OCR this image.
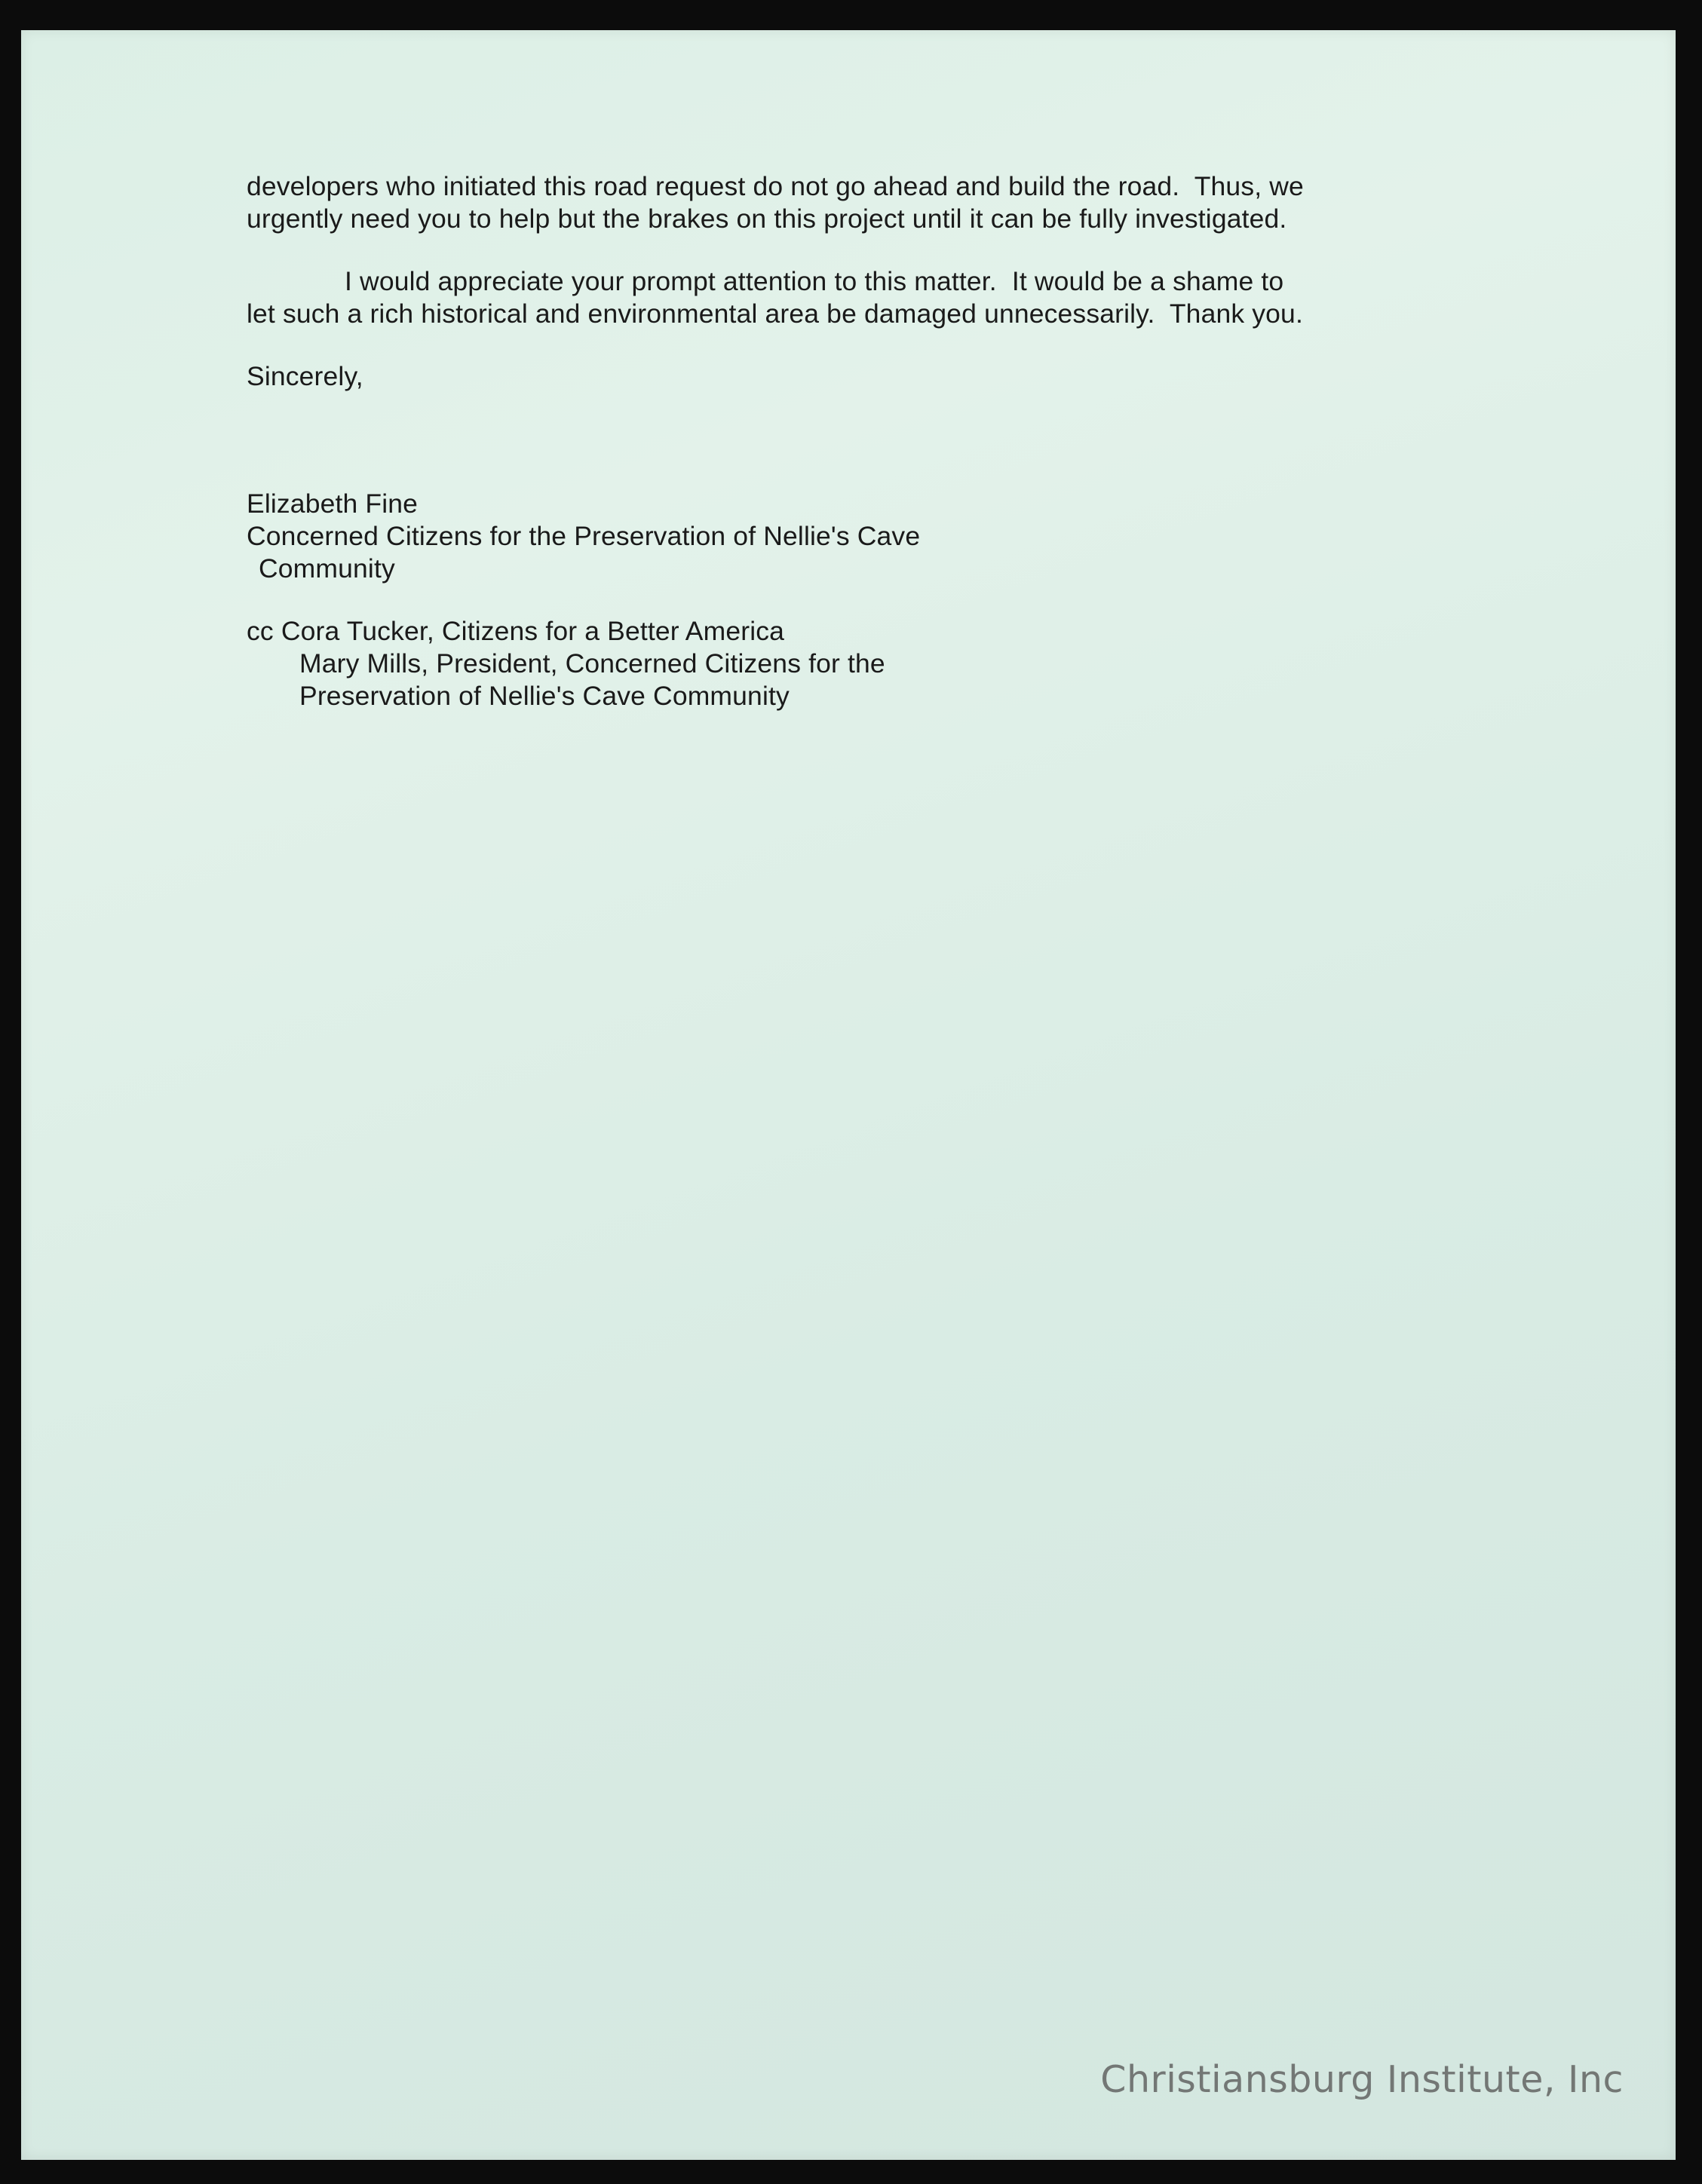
developers who initiated this road request do not go ahead and build the road.  Thus, we
urgently need you to help but the brakes on this project until it can be fully investigated.
I would appreciate your prompt attention to this matter.  It would be a shame to
let such a rich historical and environmental area be damaged unnecessarily.  Thank you.
Sincerely,
Elizabeth Fine
Concerned Citizens for the Preservation of Nellie's Cave
Community
cc Cora Tucker, Citizens for a Better America
Mary Mills, President, Concerned Citizens for the
Preservation of Nellie's Cave Community
Christiansburg Institute, Inc
